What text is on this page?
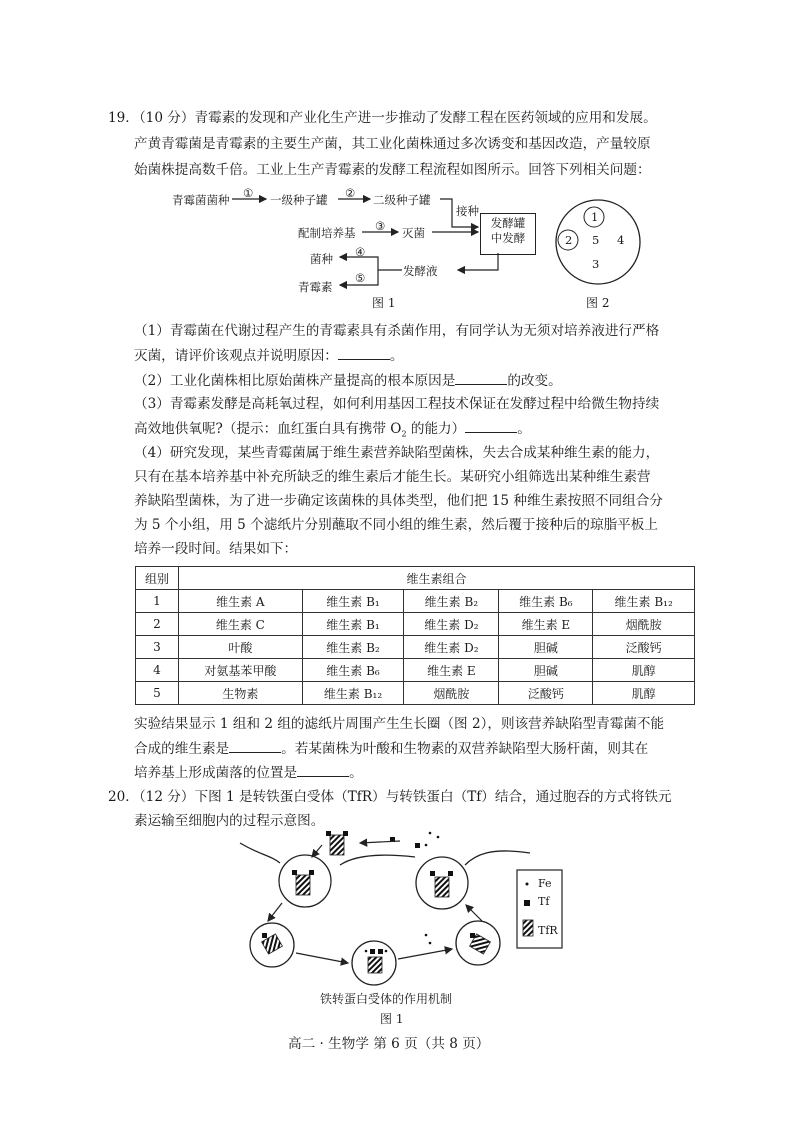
19．（10 分）青霉素的发现和产业化生产进一步推动了发酵工程在医药领域的应用和发展。
产黄青霉菌是青霉素的主要生产菌，其工业化菌株通过多次诱变和基因改造，产量较原
始菌株提高数千倍。工业上生产青霉素的发酵工程流程如图所示。回答下列相关问题：
青霉菌菌种 ① 一级种子罐 ② 二级种子罐
接种
配制培养基 ③ 灭菌
发酵罐
中发酵
④
菌种
发酵液
⑤
青霉素
图 1
1
2 5 4
3
图 2
（1）青霉菌在代谢过程产生的青霉素具有杀菌作用，有同学认为无须对培养液进行严格
灭菌，请评价该观点并说明原因：	。
（2）工业化菌株相比原始菌株产量提高的根本原因是	的改变。
（3）青霉素发酵是高耗氧过程，如何利用基因工程技术保证在发酵过程中给微生物持续
高效地供氧呢?（提示：血红蛋白具有携带 $O_2$ 的能力）	。
（4）研究发现，某些青霉菌属于维生素营养缺陷型菌株，失去合成某种维生素的能力，
只有在基本培养基中补充所缺乏的维生素后才能生长。某研究小组筛选出某种维生素营
养缺陷型菌株，为了进一步确定该菌株的具体类型，他们把 15 种维生素按照不同组合分
为 5 个小组，用 5 个滤纸片分别蘸取不同小组的维生素，然后覆于接种后的琼脂平板上
培养一段时间。结果如下：
组别	维生素组合				
1	维生素 A	维生素 B₁	维生素 B₂	维生素 B₆	维生素 B₁₂
2	维生素 C	维生素 B₁	维生素 D₂	维生素 E	烟酰胺
3	叶酸	维生素 B₂	维生素 D₂	胆碱	泛酸钙
4	对氨基苯甲酸	维生素 B₆	维生素 E	胆碱	肌醇
5	生物素	维生素 B₁₂	烟酰胺	泛酸钙	肌醇
实验结果显示 1 组和 2 组的滤纸片周围产生生长圈（图 2），则该营养缺陷型青霉菌不能
合成的维生素是	。若某菌株为叶酸和生物素的双营养缺陷型大肠杆菌，则其在
培养基上形成菌落的位置是	。
20．（12 分）下图 1 是转铁蛋白受体（TfR）与转铁蛋白（Tf）结合，通过胞吞的方式将铁元
素运输至细胞内的过程示意图。
Fe
Tf
TfR
铁转蛋白受体的作用机制
图 1
高二 · 生物学 第 6 页（共 8 页）
